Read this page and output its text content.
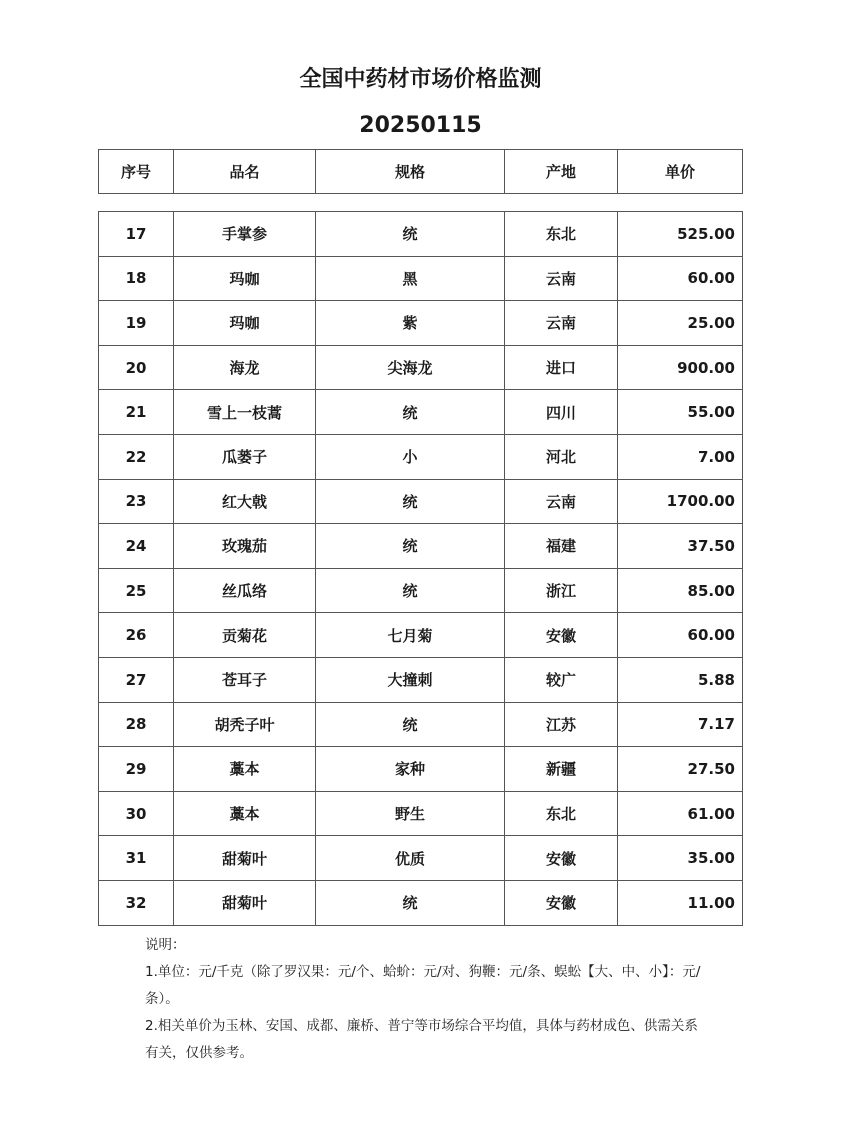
全国中药材市场价格监测
20250115
序号	品名	规格	产地	单价
17	手掌参	统	东北	525.00
18	玛咖	黑	云南	60.00
19	玛咖	紫	云南	25.00
20	海龙	尖海龙	进口	900.00
21	雪上一枝蒿	统	四川	55.00
22	瓜蒌子	小	河北	7.00
23	红大戟	统	云南	1700.00
24	玫瑰茄	统	福建	37.50
25	丝瓜络	统	浙江	85.00
26	贡菊花	七月菊	安徽	60.00
27	苍耳子	大撞刺	较广	5.88
28	胡秃子叶	统	江苏	7.17
29	藁本	家种	新疆	27.50
30	藁本	野生	东北	61.00
31	甜菊叶	优质	安徽	35.00
32	甜菊叶	统	安徽	11.00
说明：
1.单位：元/千克（除了罗汉果：元/个、蛤蚧：元/对、狗鞭：元/条、蜈蚣【大、中、小】：元/条）。
2.相关单价为玉林、安国、成都、廉桥、普宁等市场综合平均值，具体与药材成色、供需关系有关，仅供参考。
